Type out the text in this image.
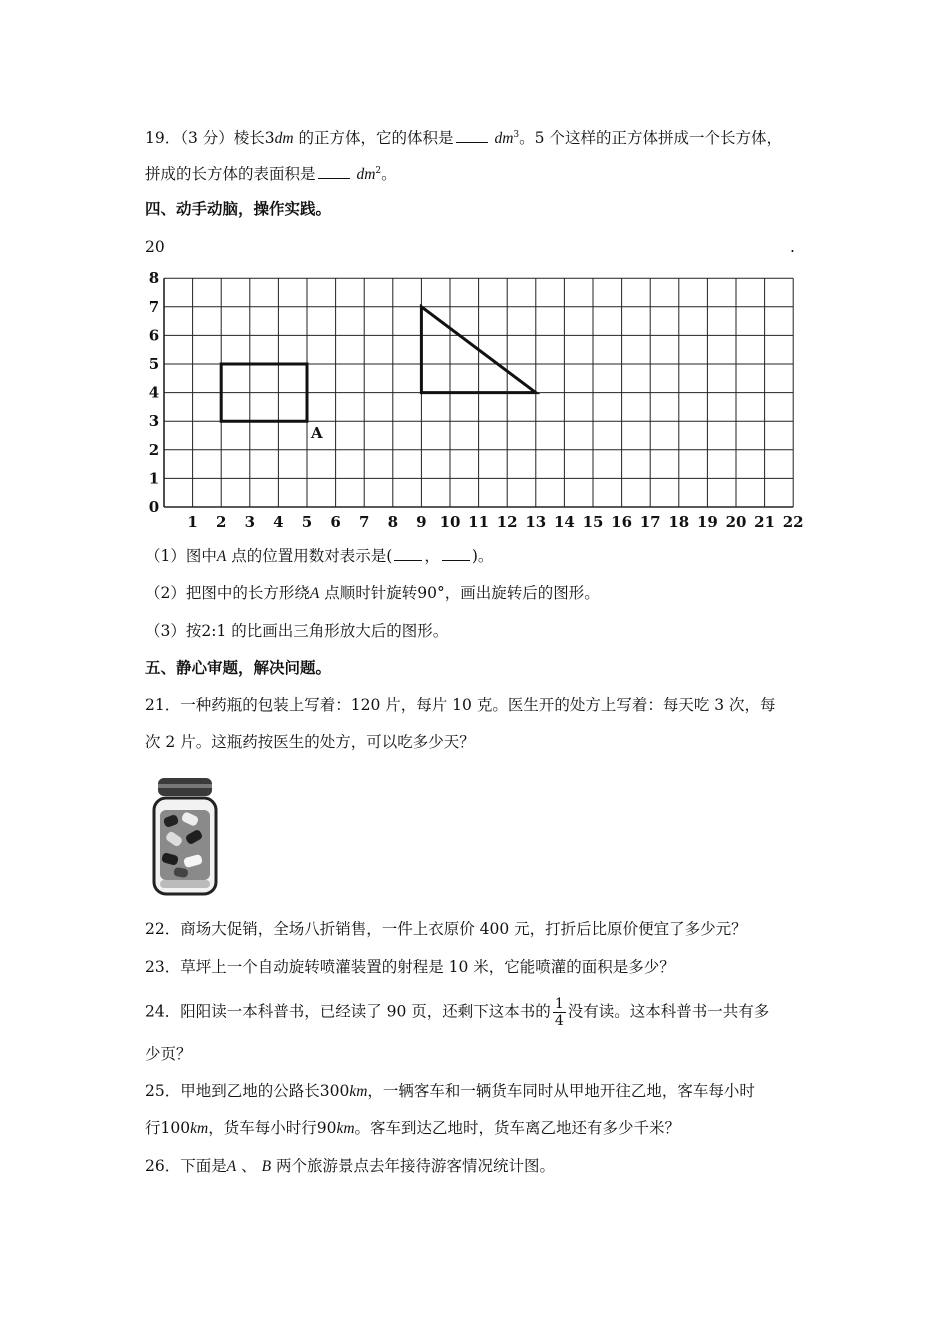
19．（3 分）棱长3dm 的正方体，它的体积是	$dm^3$。5 个这样的正方体拼成一个长方体，
拼成的长方体的表面积是	$dm^2$。
四、动手动脑，操作实践。
20	.
1 2 3 4 5 6 7 8 9 10 11 12 13 14 15 16 17 18 19 20 21 22
0
1
2
3
4
5
6
7
8
A
（1）图中A 点的位置用数对表示是( ， )。
（2）把图中的长方形绕A 点顺时针旋转90°，画出旋转后的图形。
（3）按2:1 的比画出三角形放大后的图形。
五、静心审题，解决问题。
21．一种药瓶的包装上写着：120 片，每片 10 克。医生开的处方上写着：每天吃 3 次，每
次 2 片。这瓶药按医生的处方，可以吃多少天？
22．商场大促销，全场八折销售，一件上衣原价 400 元，打折后比原价便宜了多少元？
23．草坪上一个自动旋转喷灌装置的射程是 10 米，它能喷灌的面积是多少？
24．阳阳读一本科普书，已经读了 90 页，还剩下这本书的 $\frac{1}{4}$ 没有读。这本科普书一共有多
少页？
25．甲地到乙地的公路长300km，一辆客车和一辆货车同时从甲地开往乙地，客车每小时
行100km，货车每小时行90km。客车到达乙地时，货车离乙地还有多少千米？
26．下面是A 、 B 两个旅游景点去年接待游客情况统计图。
